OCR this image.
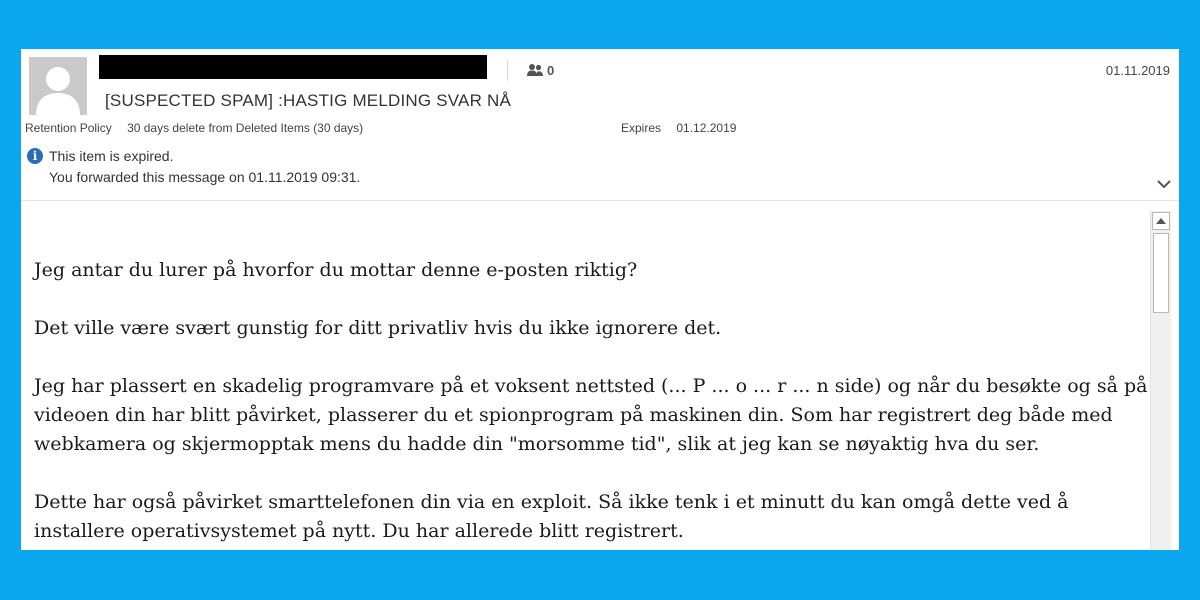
0	01.11.2019
[SUSPECTED SPAM] :HASTIG MELDING SVAR NÅ
Retention Policy 30 days delete from Deleted Items (30 days)	Expires 01.12.2019
i This item is expired.
You forwarded this message on 01.11.2019 09:31.

Jeg antar du lurer på hvorfor du mottar denne e-posten riktig?

Det ville være svært gunstig for ditt privatliv hvis du ikke ignorere det.

Jeg har plassert en skadelig programvare på et voksent nettsted (... P ... o ... r ... n side) og når du besøkte og så på videoen din har blitt påvirket, plasserer du et spionprogram på maskinen din. Som har registrert deg både med webkamera og skjermopptak mens du hadde din "morsomme tid", slik at jeg kan se nøyaktig hva du ser.

Dette har også påvirket smarttelefonen din via en exploit. Så ikke tenk i et minutt du kan omgå dette ved å installere operativsystemet på nytt. Du har allerede blitt registrert.
